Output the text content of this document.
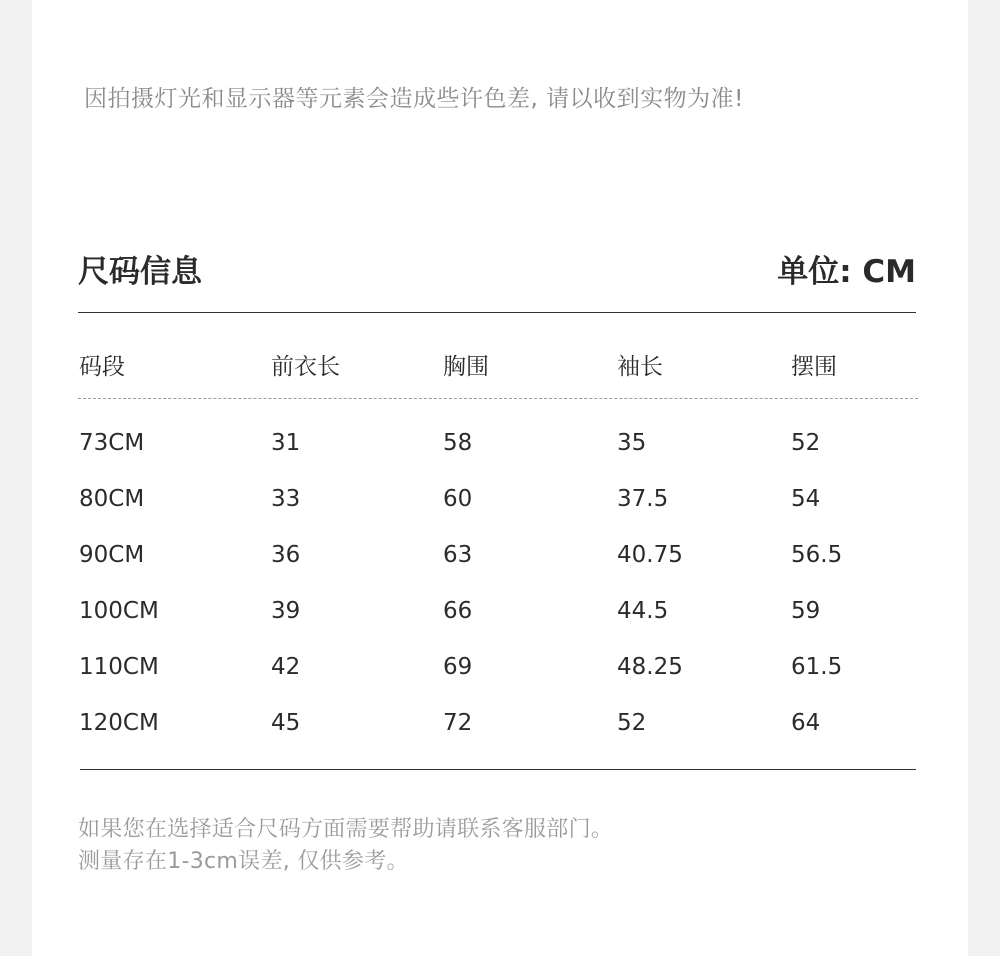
因拍摄灯光和显示器等元素会造成些许色差, 请以收到实物为准!
尺码信息	单位: CM
码段	前衣长	胸围	袖长	摆围
73CM	31	58	35	52
80CM	33	60	37.5	54
90CM	36	63	40.75	56.5
100CM	39	66	44.5	59
110CM	42	69	48.25	61.5
120CM	45	72	52	64
如果您在选择适合尺码方面需要帮助请联系客服部门。
测量存在1-3cm误差, 仅供参考。
